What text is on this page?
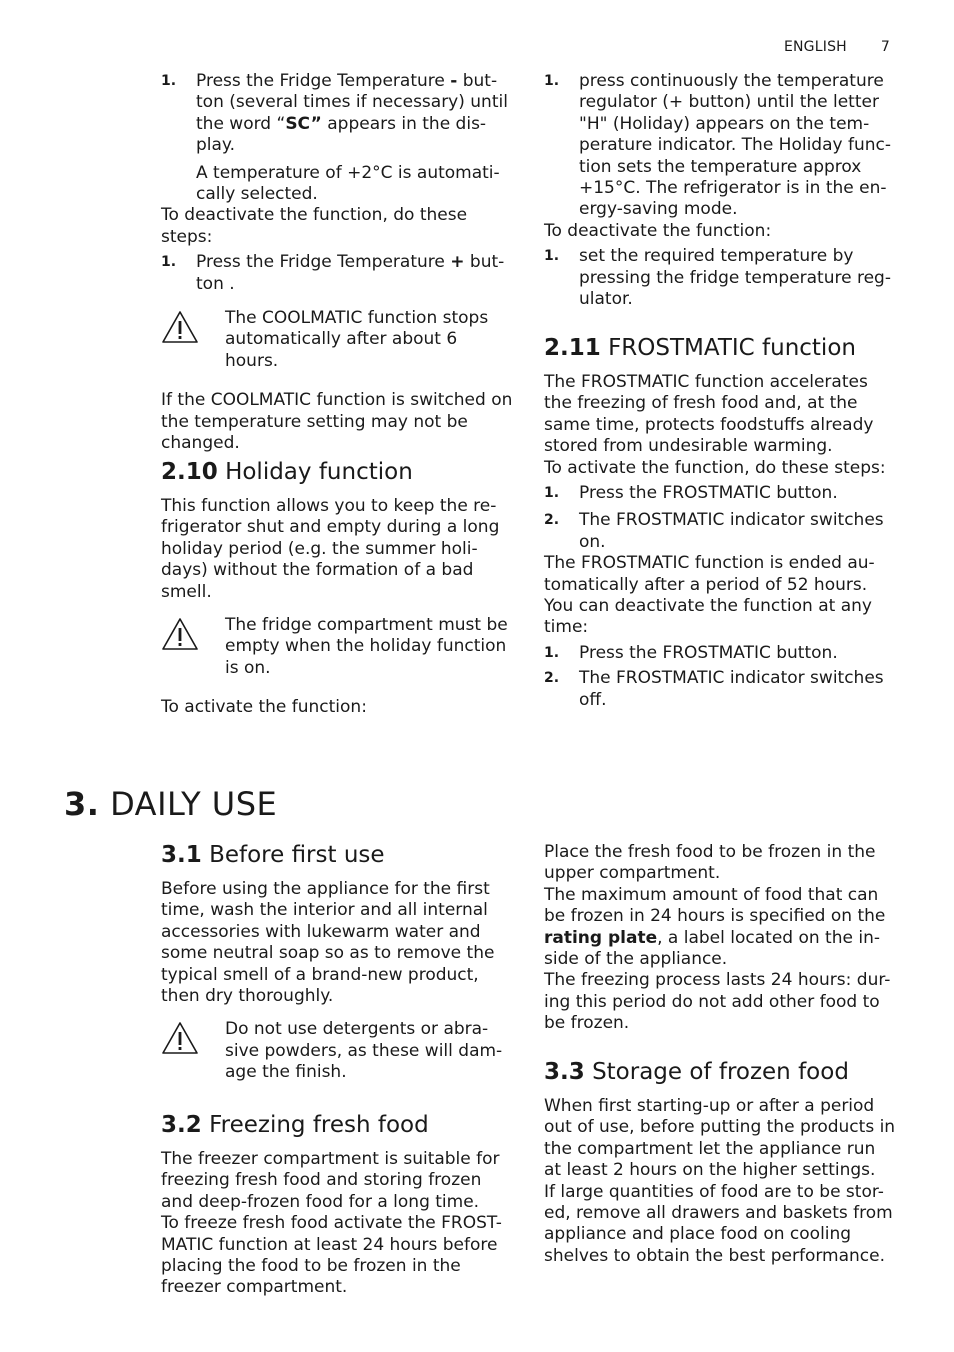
ENGLISH 7
1. Press the Fridge Temperature - but-ton (several times if necessary) until the word “SC” appears in the dis-play.

A temperature of +2°C is automati-cally selected.

To deactivate the function, do these steps:

1. Press the Fridge Temperature + but-ton .

The COOLMATIC function stops automatically after about 6 hours.

If the COOLMATIC function is switched on the temperature setting may not be changed.

2.10 Holiday function

This function allows you to keep the re-frigerator shut and empty during a long holiday period (e.g. the summer holi-days) without the formation of a bad smell.

The fridge compartment must be empty when the holiday function is on.

To activate the function:

1. press continuously the temperature regulator (+ button) until the letter "H" (Holiday) appears on the tem-perature indicator. The Holiday func-tion sets the temperature approx +15°C. The refrigerator is in the en-ergy-saving mode.

To deactivate the function:

1. set the required temperature by pressing the fridge temperature reg-ulator.

2.11 FROSTMATIC function

The FROSTMATIC function accelerates the freezing of fresh food and, at the same time, protects foodstuffs already stored from undesirable warming.

To activate the function, do these steps:

1. Press the FROSTMATIC button.

2. The FROSTMATIC indicator switches on.

The FROSTMATIC function is ended au-tomatically after a period of 52 hours.

You can deactivate the function at any time:

1. Press the FROSTMATIC button.

2. The FROSTMATIC indicator switches off.

3. DAILY USE
3.1 Before first use

Before using the appliance for the first time, wash the interior and all internal accessories with lukewarm water and some neutral soap so as to remove the typical smell of a brand-new product, then dry thoroughly.

Do not use detergents or abra-sive powders, as these will dam-age the finish.

3.2 Freezing fresh food

The freezer compartment is suitable for freezing fresh food and storing frozen and deep-frozen food for a long time.

To freeze fresh food activate the FROST-MATIC function at least 24 hours before placing the food to be frozen in the freezer compartment.

Place the fresh food to be frozen in the upper compartment.

The maximum amount of food that can be frozen in 24 hours is specified on the rating plate, a label located on the in-side of the appliance.

The freezing process lasts 24 hours: dur-ing this period do not add other food to be frozen.

3.3 Storage of frozen food

When first starting-up or after a period out of use, before putting the products in the compartment let the appliance run at least 2 hours on the higher settings.

If large quantities of food are to be stor-ed, remove all drawers and baskets from appliance and place food on cooling shelves to obtain the best performance.
